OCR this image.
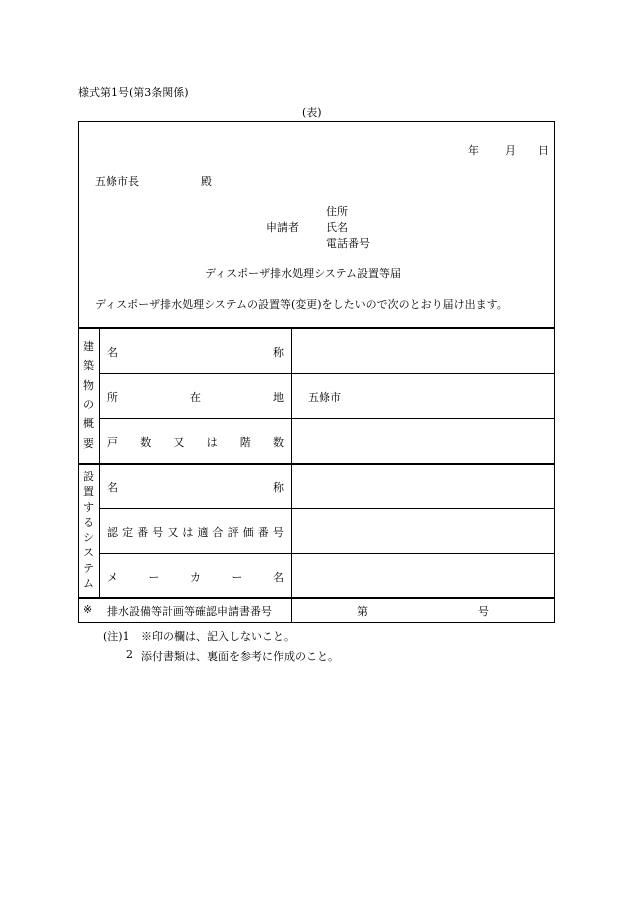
様式第1号(第3条関係)
(表)
年 月 日
五條市長	殿
申請者
住所
氏名
電話番号
ディスポーザ排水処理システム設置等届
ディスポーザ排水処理システムの設置等(変更)をしたいので次のとおり届け出ます。
建
築
物
の
概
要
名	称
所	在	地 五條市
戸 数 又 は 階 数
設
置
す
る
シ
ス
テ
ム
名	称
認 定 番 号 又 は 適 合 評 価 番 号
メ	ー	カ	ー	名
※ 排水設備等計画等確認申請書番号	第	号
(注)1 ※印の欄は、記入しないこと。
2 添付書類は、裏面を参考に作成のこと。
